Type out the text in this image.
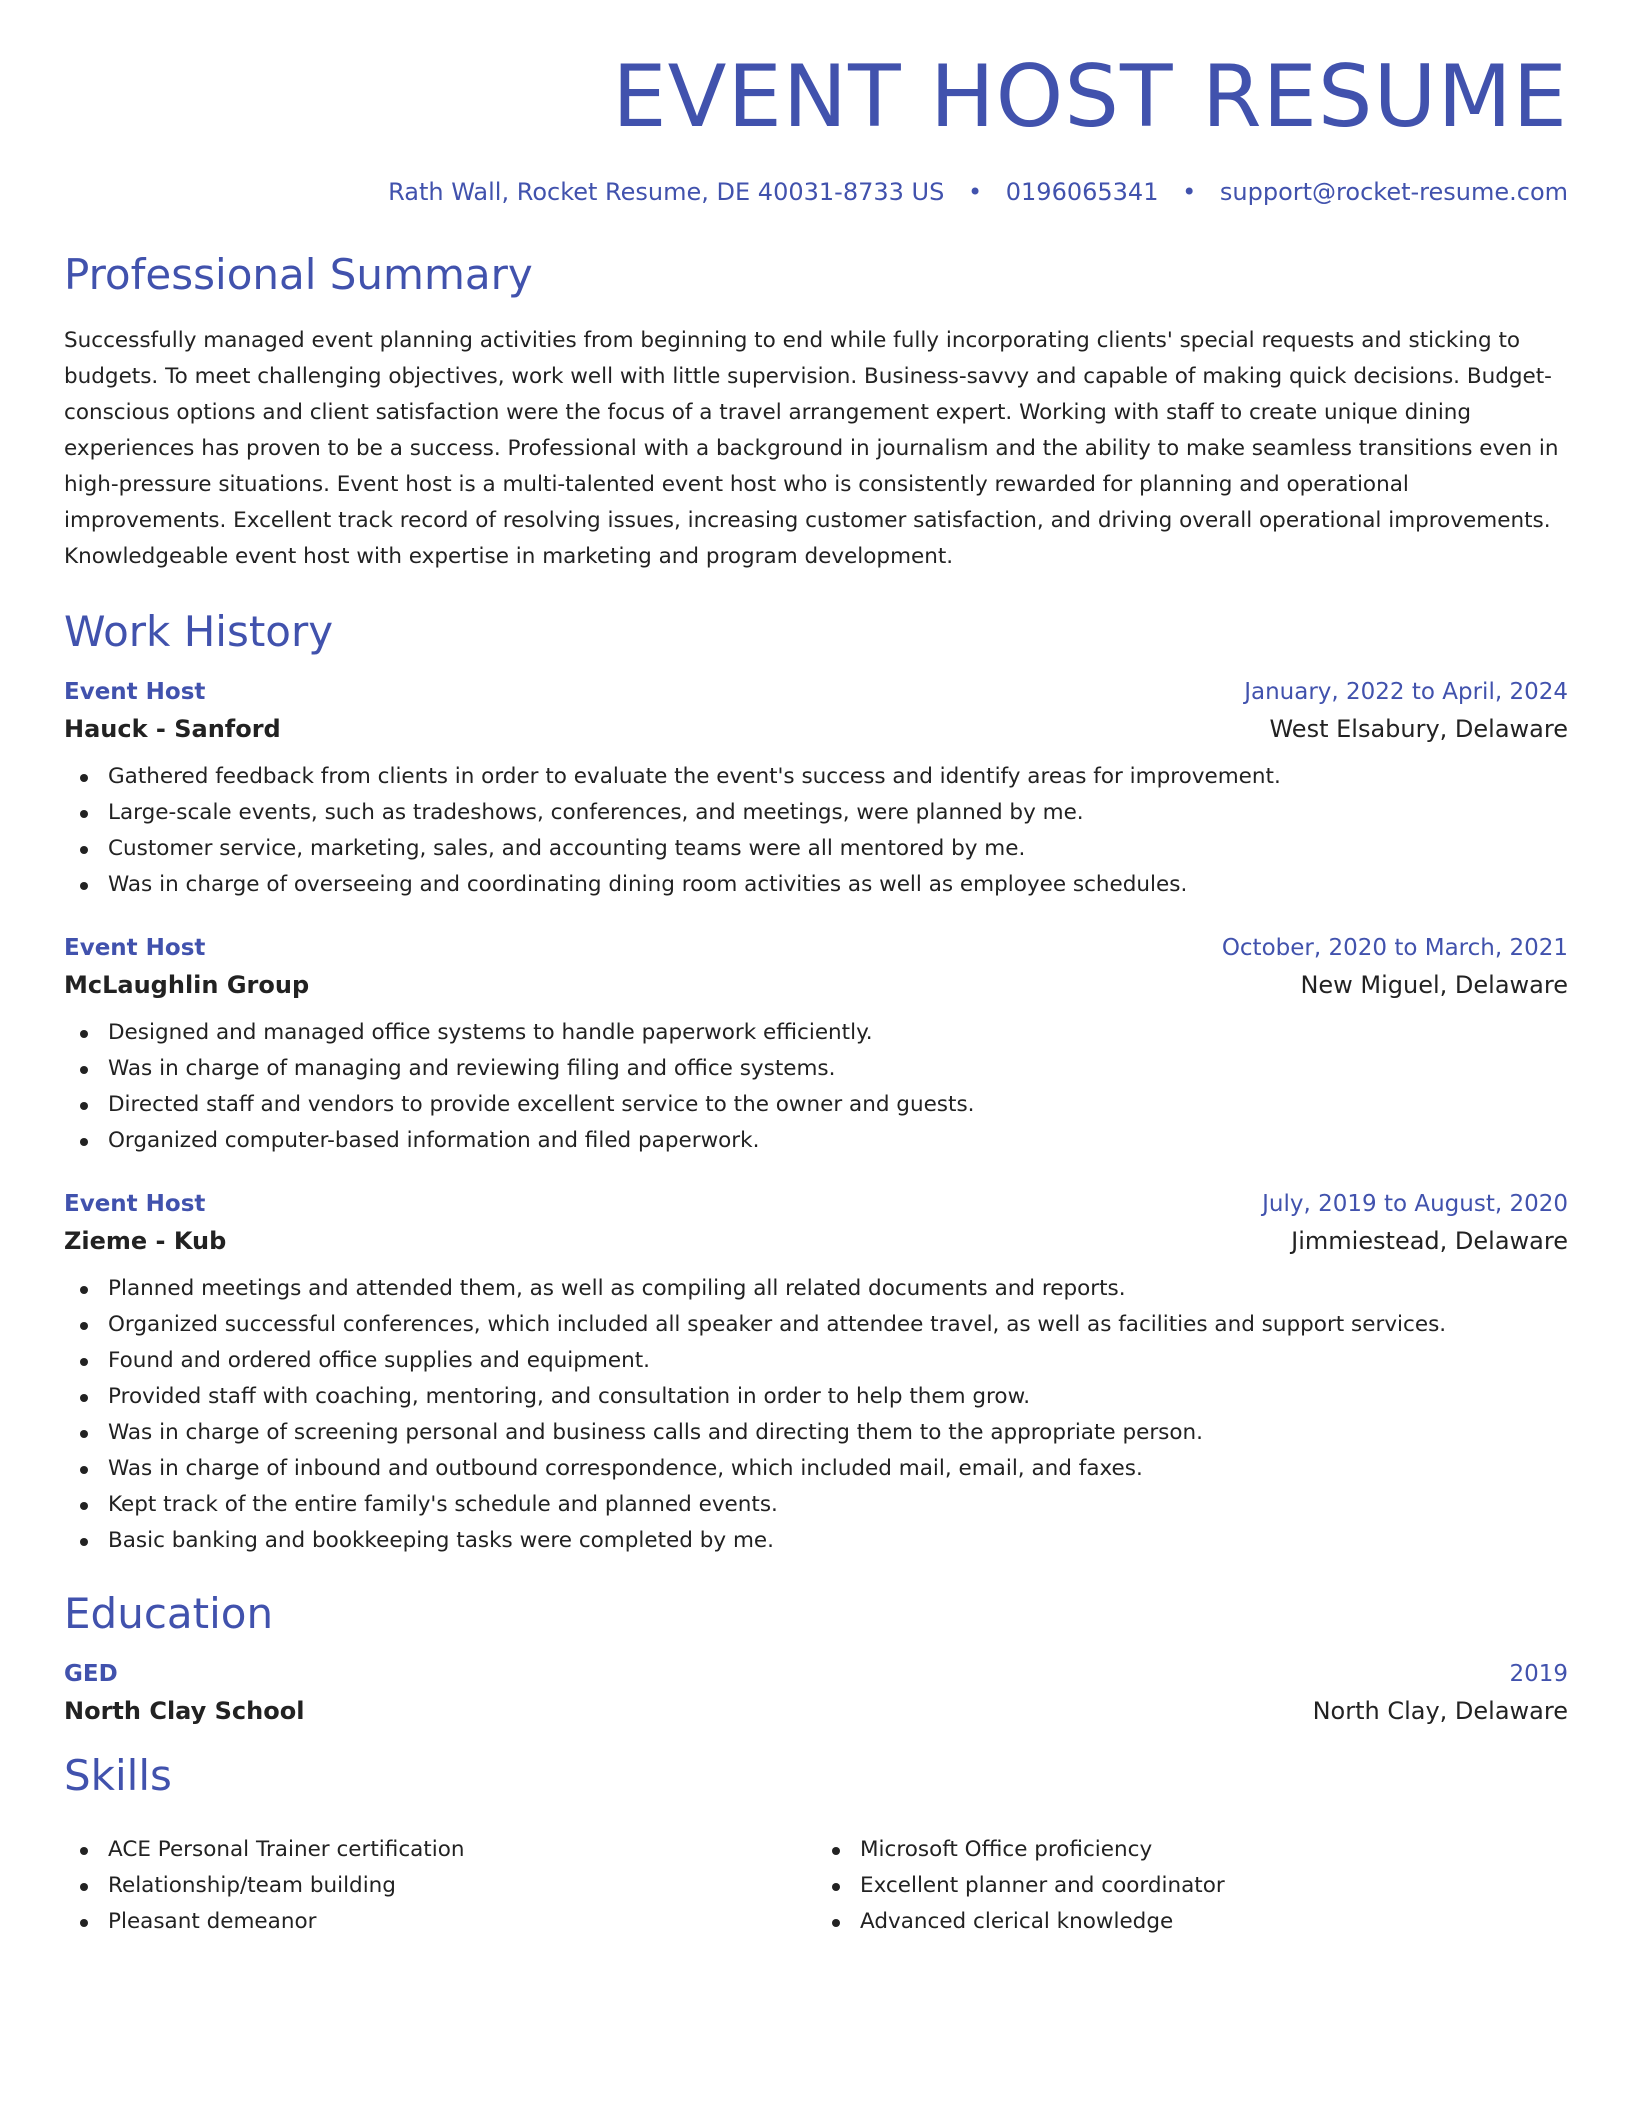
EVENT HOST RESUME
Rath Wall, Rocket Resume, DE 40031-8733 US • 0196065341 • support@rocket-resume.com
Professional Summary

Successfully managed event planning activities from beginning to end while fully incorporating clients' special requests and sticking to budgets. To meet challenging objectives, work well with little supervision. Business-savvy and capable of making quick decisions. Budget-conscious options and client satisfaction were the focus of a travel arrangement expert. Working with staff to create unique dining experiences has proven to be a success. Professional with a background in journalism and the ability to make seamless transitions even in high-pressure situations. Event host is a multi-talented event host who is consistently rewarded for planning and operational improvements. Excellent track record of resolving issues, increasing customer satisfaction, and driving overall operational improvements. Knowledgeable event host with expertise in marketing and program development.

Work History
Event Host	January, 2022 to April, 2024
Hauck - Sanford	West Elsabury, Delaware
Gathered feedback from clients in order to evaluate the event's success and identify areas for improvement.
Large-scale events, such as tradeshows, conferences, and meetings, were planned by me.
Customer service, marketing, sales, and accounting teams were all mentored by me.
Was in charge of overseeing and coordinating dining room activities as well as employee schedules.
Event Host	October, 2020 to March, 2021
McLaughlin Group	New Miguel, Delaware
Designed and managed office systems to handle paperwork efficiently.
Was in charge of managing and reviewing filing and office systems.
Directed staff and vendors to provide excellent service to the owner and guests.
Organized computer-based information and filed paperwork.
Event Host	July, 2019 to August, 2020
Zieme - Kub	Jimmiestead, Delaware
Planned meetings and attended them, as well as compiling all related documents and reports.
Organized successful conferences, which included all speaker and attendee travel, as well as facilities and support services.
Found and ordered office supplies and equipment.
Provided staff with coaching, mentoring, and consultation in order to help them grow.
Was in charge of screening personal and business calls and directing them to the appropriate person.
Was in charge of inbound and outbound correspondence, which included mail, email, and faxes.
Kept track of the entire family's schedule and planned events.
Basic banking and bookkeeping tasks were completed by me.
Education
GED	2019
North Clay School	North Clay, Delaware
Skills
ACE Personal Trainer certification
Relationship/team building
Pleasant demeanor
Microsoft Office proficiency
Excellent planner and coordinator
Advanced clerical knowledge
